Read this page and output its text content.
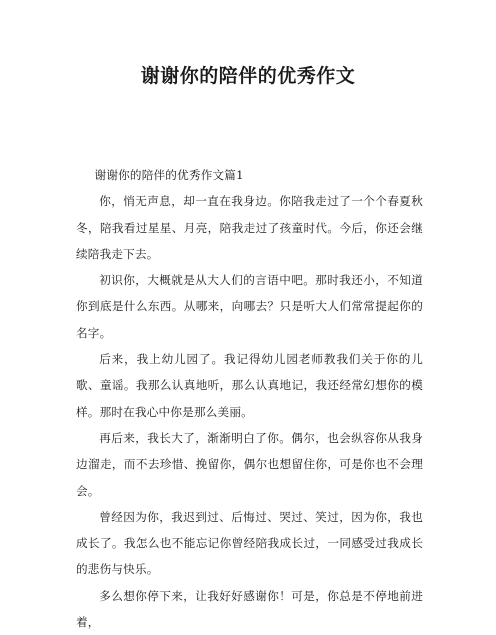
谢谢你的陪伴的优秀作文

谢谢你的陪伴的优秀作文篇1

你，悄无声息，却一直在我身边。你陪我走过了一个个春夏秋冬，陪我看过星星、月亮，陪我走过了孩童时代。今后，你还会继续陪我走下去。

初识你，大概就是从大人们的言语中吧。那时我还小，不知道你到底是什么东西。从哪来，向哪去？只是听大人们常常提起你的名字。

后来，我上幼儿园了。我记得幼儿园老师教我们关于你的儿歌、童谣。我那么认真地听，那么认真地记，我还经常幻想你的模样。那时在我心中你是那么美丽。

再后来，我长大了，渐渐明白了你。偶尔，也会纵容你从我身边溜走，而不去珍惜、挽留你，偶尔也想留住你，可是你也不会理会。

曾经因为你，我迟到过、后悔过、哭过、笑过，因为你，我也成长了。我怎么也不能忘记你曾经陪我成长过，一同感受过我成长的悲伤与快乐。

多么想你停下来，让我好好感谢你！可是，你总是不停地前进着，
